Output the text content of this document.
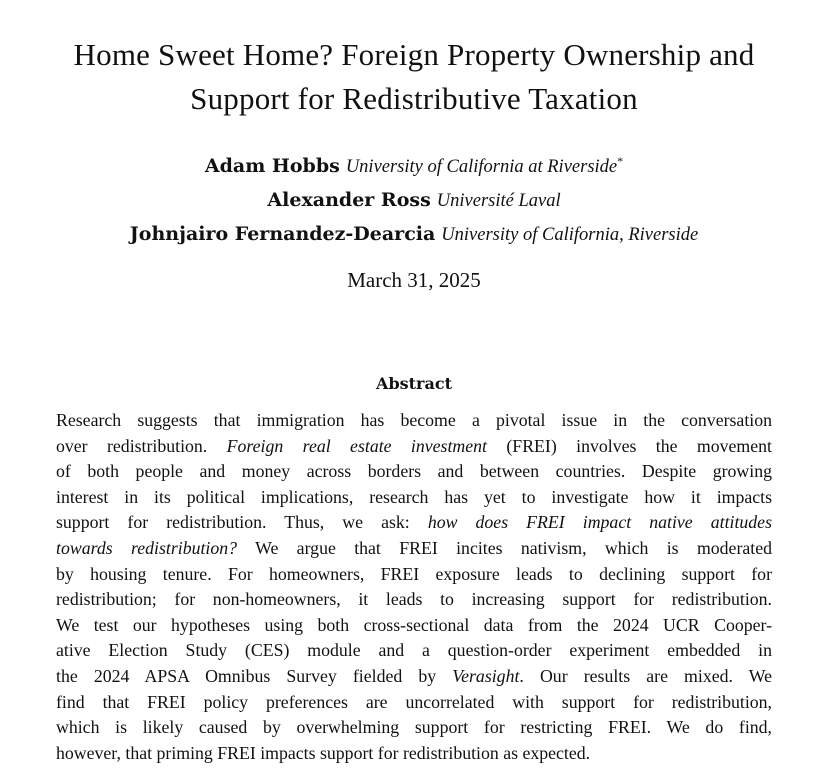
Home Sweet Home? Foreign Property Ownership and
Support for Redistributive Taxation
Adam Hobbs University of California at Riverside*
Alexander Ross Université Laval
Johnjairo Fernandez-Dearcia University of California, Riverside
March 31, 2025
Abstract
Research suggests that immigration has become a pivotal issue in the conversation
over redistribution. Foreign real estate investment (FREI) involves the movement
of both people and money across borders and between countries. Despite growing
interest in its political implications, research has yet to investigate how it impacts
support for redistribution. Thus, we ask: how does FREI impact native attitudes
towards redistribution? We argue that FREI incites nativism, which is moderated
by housing tenure. For homeowners, FREI exposure leads to declining support for
redistribution; for non-homeowners, it leads to increasing support for redistribution.
We test our hypotheses using both cross-sectional data from the 2024 UCR Cooper-
ative Election Study (CES) module and a question-order experiment embedded in
the 2024 APSA Omnibus Survey fielded by Verasight. Our results are mixed. We
find that FREI policy preferences are uncorrelated with support for redistribution,
which is likely caused by overwhelming support for restricting FREI. We do find,
however, that priming FREI impacts support for redistribution as expected.
